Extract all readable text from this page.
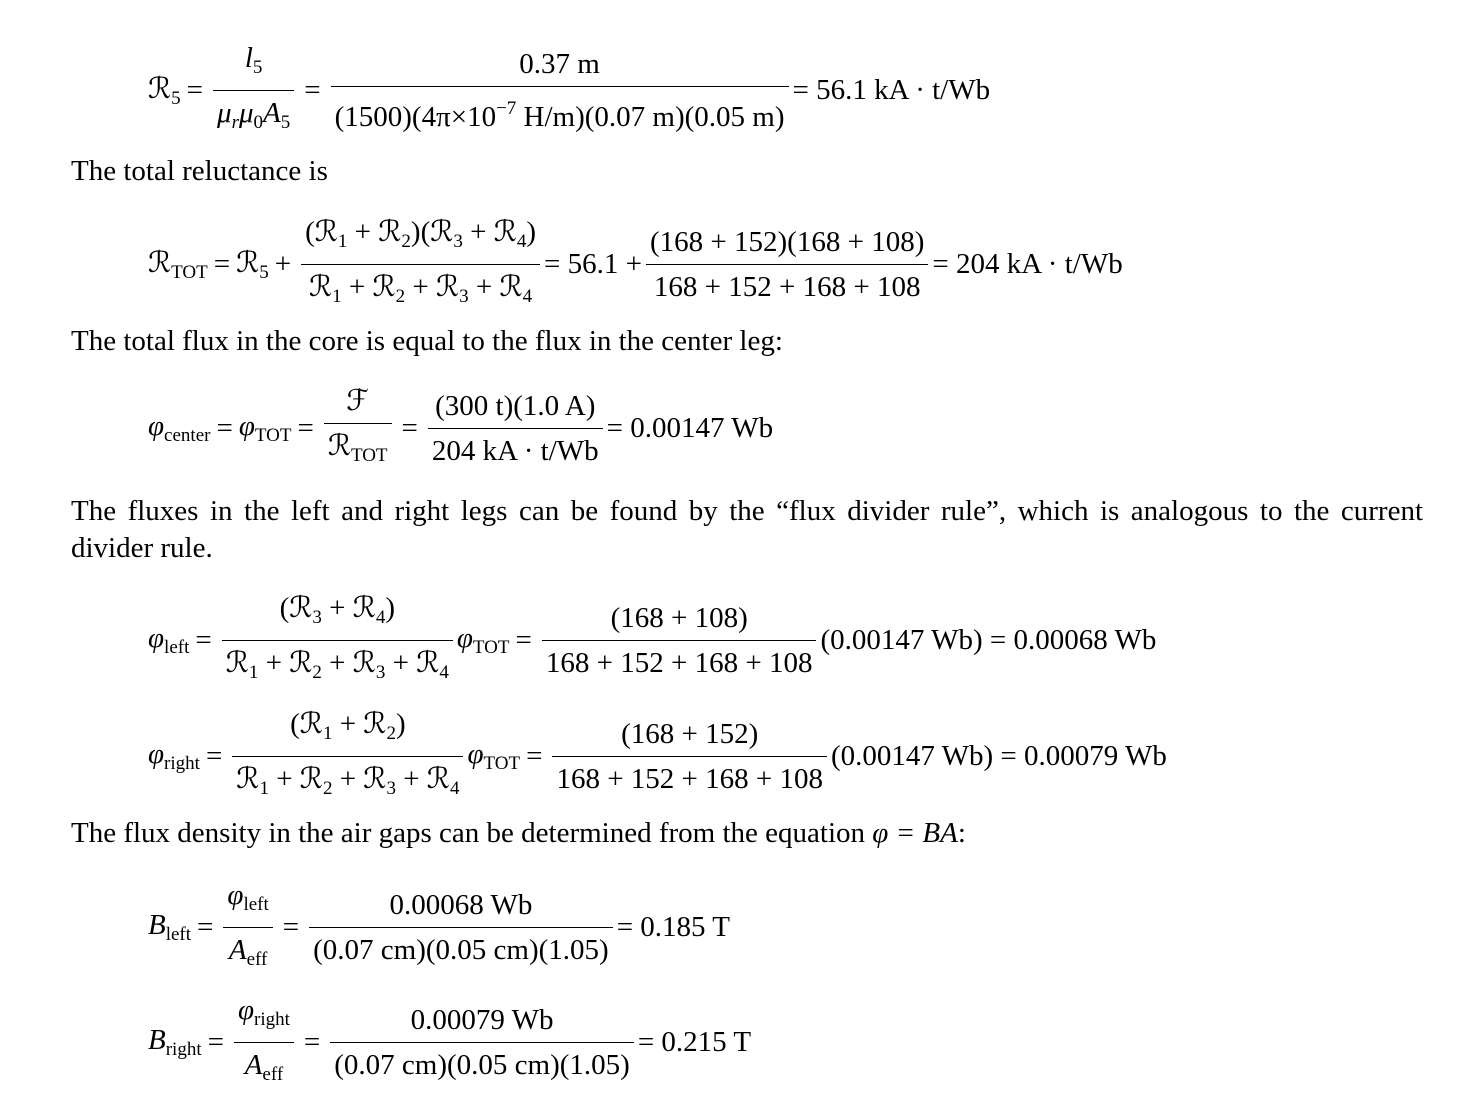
ℛ$_5$ = $\frac{l_5}{\mu_r\mu_0A_5} = \frac{0.37 m}{(1500)(4\pi\times 10^{-7} H/m)(0.07 m)(0.05 m)} = 56.1$ kA · t/Wb
The total reluctance is
ℛ$_{TOT}$ = ℛ$_5$ + $\frac{(ℛ_1 + ℛ_2)(ℛ_3 + ℛ_4)}{ℛ_1 + ℛ_2 + ℛ_3 + ℛ_4} = 56.1 + \frac{(168 + 152)(168 + 108)}{168 + 152 + 168 + 108} = 204$ kA · t/Wb
The total flux in the core is equal to the flux in the center leg:
$\varphi_{center} = \varphi_{TOT} = \frac{\text{ℱ}}{ℛ_{TOT}} = \frac{(300 t)(1.0 A)}{204 kA \cdot t/Wb} = 0.00147$ Wb
The fluxes in the left and right legs can be found by the “flux divider rule”, which is analogous to the current divider rule.
$\varphi_{left} = \frac{(ℛ_3 + ℛ_4)}{ℛ_1 + ℛ_2 + ℛ_3 + ℛ_4} \varphi_{TOT} = \frac{(168 + 108)}{168 + 152 + 168 + 108} (0.00147$ Wb) = 0.00068 Wb
$\varphi_{right} = \frac{(ℛ_1 + ℛ_2)}{ℛ_1 + ℛ_2 + ℛ_3 + ℛ_4} \varphi_{TOT} = \frac{(168 + 152)}{168 + 152 + 168 + 108} (0.00147$ Wb) = 0.00079 Wb
The flux density in the air gaps can be determined from the equation φ = BA:
$B_{left} = \frac{\varphi_{left}}{A_{eff}} = \frac{0.00068 Wb}{(0.07 cm)(0.05 cm)(1.05)} = 0.185$ T
$B_{right} = \frac{\varphi_{right}}{A_{eff}} = \frac{0.00079 Wb}{(0.07 cm)(0.05 cm)(1.05)} = 0.215$ T
